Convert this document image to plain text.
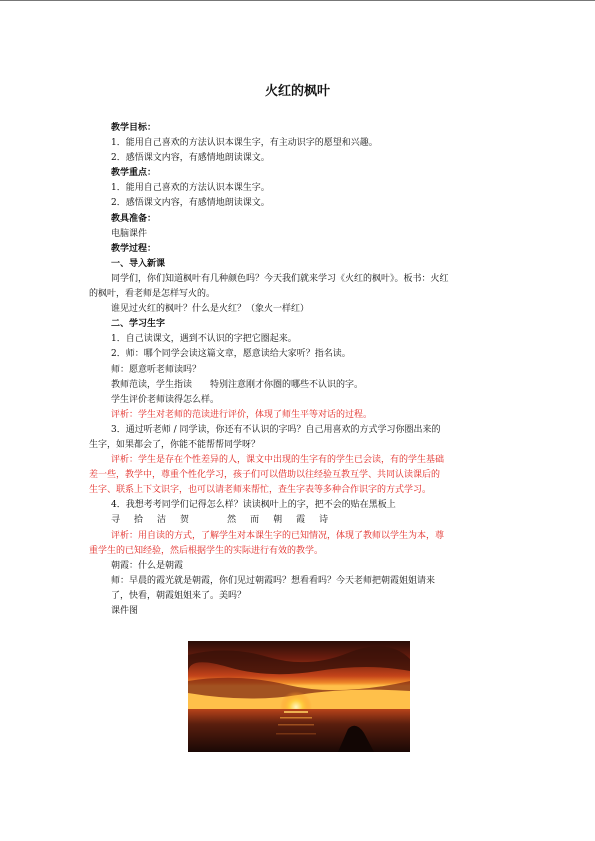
火红的枫叶
教学目标：
1．能用自己喜欢的方法认识本课生字，有主动识字的愿望和兴趣。
2．感悟课文内容，有感情地朗读课文。
教学重点：
1．能用自己喜欢的方法认识本课生字。
2．感悟课文内容，有感情地朗读课文。
教具准备：
电脑课件
教学过程：
一、导入新课
同学们，你们知道枫叶有几种颜色吗？今天我们就来学习《火红的枫叶》。板书：火红
的枫叶，看老师是怎样写火的。
谁见过火红的枫叶？什么是火红？（象火一样红）
二、学习生字
1．自己读课文，遇到不认识的字把它圈起来。
2．师：哪个同学会读这篇文章，愿意读给大家听？指名读。
师：愿意听老师读吗？
教师范读，学生指读　　特别注意刚才你圈的哪些不认识的字。
学生评价老师读得怎么样。
评析：学生对老师的范读进行评价，体现了师生平等对话的过程。
3．通过听老师 / 同学读，你还有不认识的字吗？自己用喜欢的方式学习你圈出来的
生字，如果都会了，你能不能帮帮同学呀？
评析：学生是存在个性差异的人，课文中出现的生字有的学生已会读，有的学生基础
差一些，教学中，尊重个性化学习，孩子们可以借助以往经验互教互学、共同认读课后的
生字、联系上下文识字，也可以请老师来帮忙，查生字表等多种合作识字的方式学习。
4．我想考考同学们记得怎么样？读读枫叶上的字，把不会的贴在黑板上
寻 拾 洁 贺	然 而 朝 霞 诗
评析：用自读的方式，了解学生对本课生字的已知情况，体现了教师以学生为本，尊
重学生的已知经验，然后根据学生的实际进行有效的教学。
朝霞：什么是朝霞
师：早晨的霞光就是朝霞，你们见过朝霞吗？想看看吗？今天老师把朝霞姐姐请来
了，快看，朝霞姐姐来了。美吗？
课件图
